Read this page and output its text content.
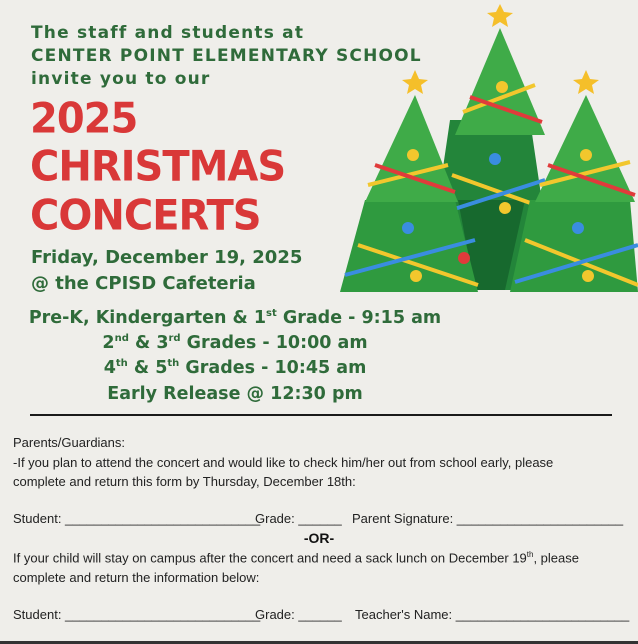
The staff and students at
CENTER POINT ELEMENTARY SCHOOL
invite you to our
2025
CHRISTMAS
CONCERTS
Friday, December 19, 2025
@ the CPISD Cafeteria
Pre-K, Kindergarten & 1st Grade - 9:15 am
2nd & 3rd Grades - 10:00 am
4th & 5th Grades - 10:45 am
Early Release @ 12:30 pm
Parents/Guardians:
-If you plan to attend the concert and would like to check him/her out from school early, please
complete and return this form by Thursday, December 18th:
Student: ___________________________
Grade: ______ Parent Signature: _______________________
-OR-
If your child will stay on campus after the concert and need a sack lunch on December 19th, please
complete and return the information below:
Student: ___________________________
Grade: ______ Teacher's Name: ________________________
